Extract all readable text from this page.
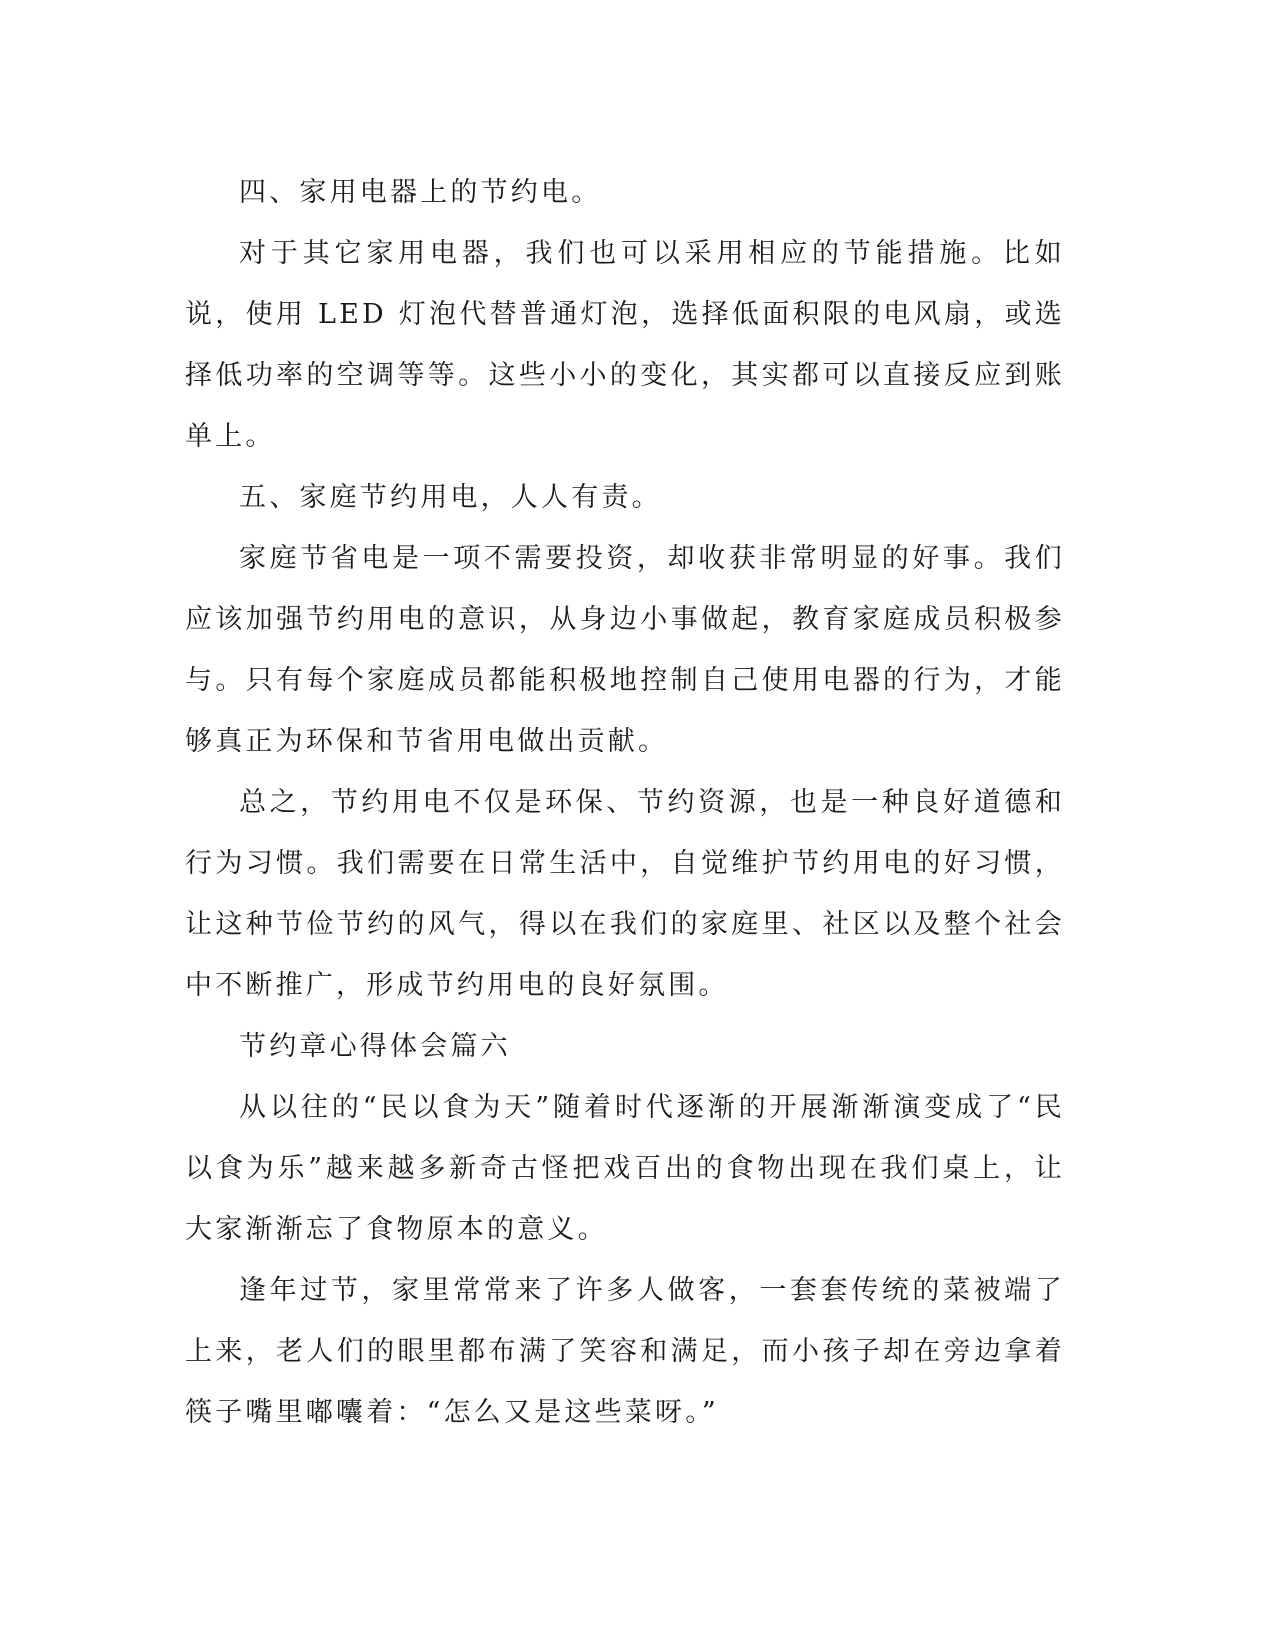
四、家用电器上的节约电。

对于其它家用电器，我们也可以采用相应的节能措施。比如说，使用 LED 灯泡代替普通灯泡，选择低面积限的电风扇，或选择低功率的空调等等。这些小小的变化，其实都可以直接反应到账单上。

五、家庭节约用电，人人有责。

家庭节省电是一项不需要投资，却收获非常明显的好事。我们应该加强节约用电的意识，从身边小事做起，教育家庭成员积极参与。只有每个家庭成员都能积极地控制自己使用电器的行为，才能够真正为环保和节省用电做出贡献。

总之，节约用电不仅是环保、节约资源，也是一种良好道德和行为习惯。我们需要在日常生活中，自觉维护节约用电的好习惯，让这种节俭节约的风气，得以在我们的家庭里、社区以及整个社会中不断推广，形成节约用电的良好氛围。

节约章心得体会篇六

从以往的“民以食为天”随着时代逐渐的开展渐渐演变成了“民以食为乐”越来越多新奇古怪把戏百出的食物出现在我们桌上，让大家渐渐忘了食物原本的意义。

逢年过节，家里常常来了许多人做客，一套套传统的菜被端了上来，老人们的眼里都布满了笑容和满足，而小孩子却在旁边拿着筷子嘴里嘟囔着：“怎么又是这些菜呀。”
